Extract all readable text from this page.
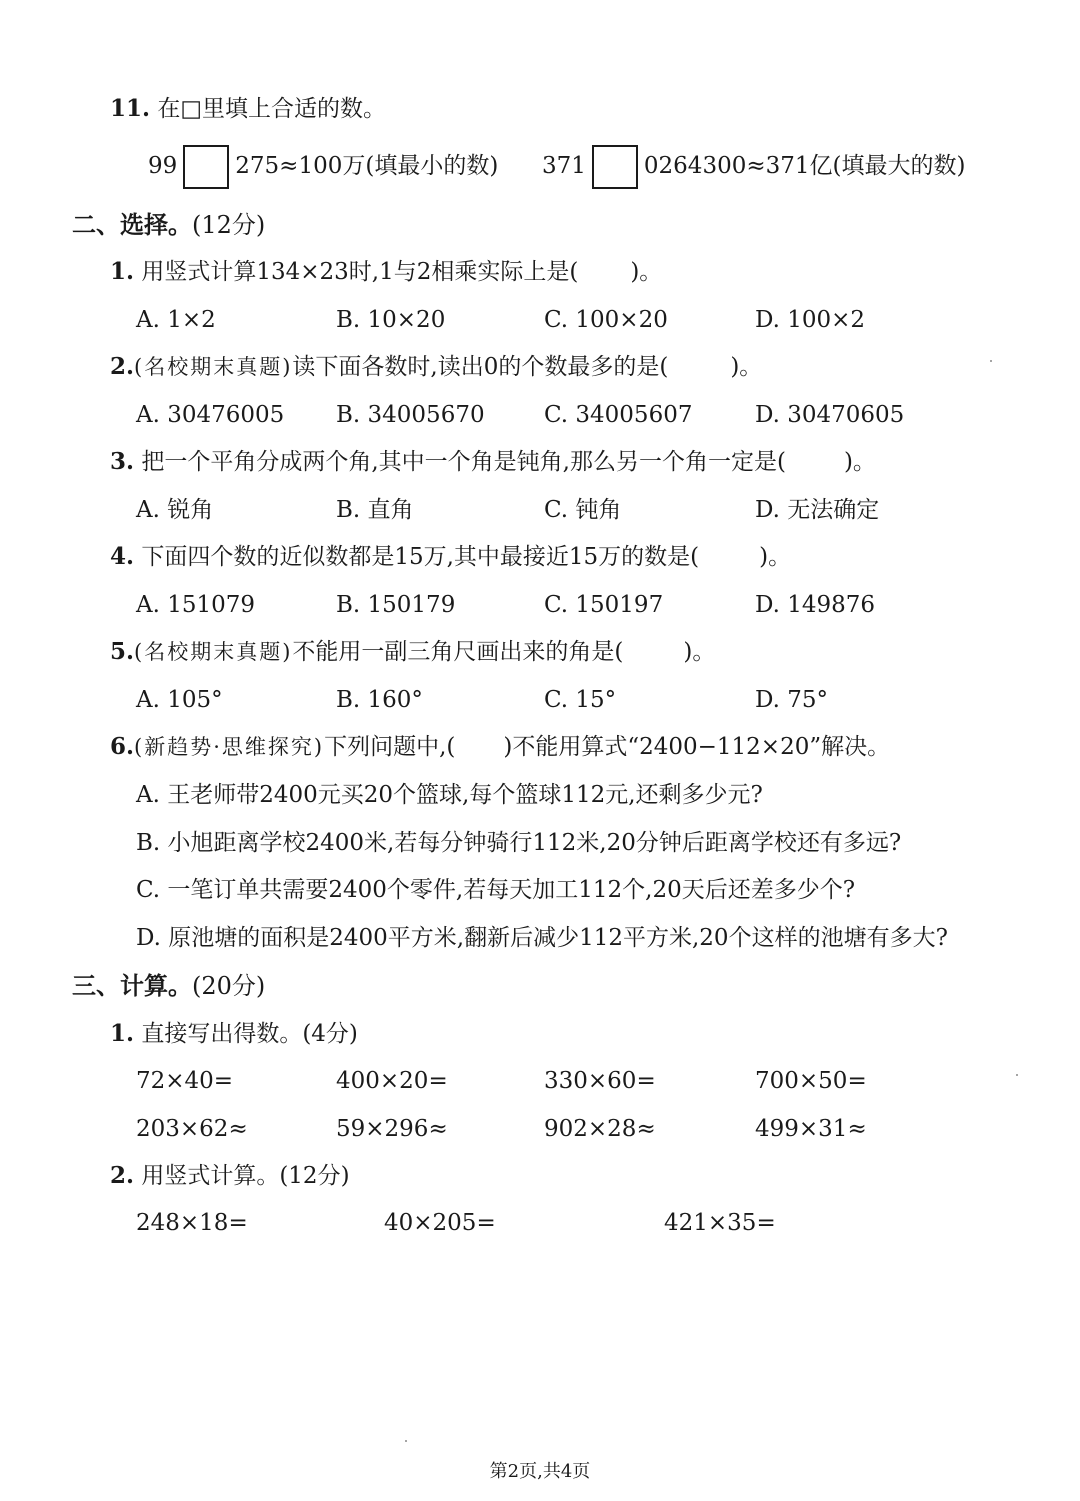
11. 在□里填上合适的数。
99	275≈100万(填最小的数) 371	0264300≈371亿(填最大的数)
二、选择。(12分)
1. 用竖式计算134×23时,1与2相乘实际上是( )。
A. 1×2	B. 10×20	C. 100×20	D. 100×2
2.(名校期末真题)读下面各数时,读出0的个数最多的是(	)。
A. 30476005 B. 34005670	C. 34005607	D. 30470605
3. 把一个平角分成两个角,其中一个角是钝角,那么另一个角一定是(	)。
A. 锐角	B. 直角	C. 钝角	D. 无法确定
4. 下面四个数的近似数都是15万,其中最接近15万的数是(	)。
A. 151079	B. 150179	C. 150197	D. 149876
5.(名校期末真题)不能用一副三角尺画出来的角是(	)。
A. 105°	B. 160°	C. 15°	D. 75°
6.(新趋势·思维探究)下列问题中,( )不能用算式“2400−112×20”解决。
A. 王老师带2400元买20个篮球,每个篮球112元,还剩多少元?
B. 小旭距离学校2400米,若每分钟骑行112米,20分钟后距离学校还有多远?
C. 一笔订单共需要2400个零件,若每天加工112个,20天后还差多少个?
D. 原池塘的面积是2400平方米,翻新后减少112平方米,20个这样的池塘有多大?
三、计算。(20分)
1. 直接写出得数。(4分)
72×40=	400×20=	330×60=	700×50=
203×62≈	59×296≈	902×28≈	499×31≈
2. 用竖式计算。(12分)
248×18=	40×205=	421×35=
第2页,共4页
